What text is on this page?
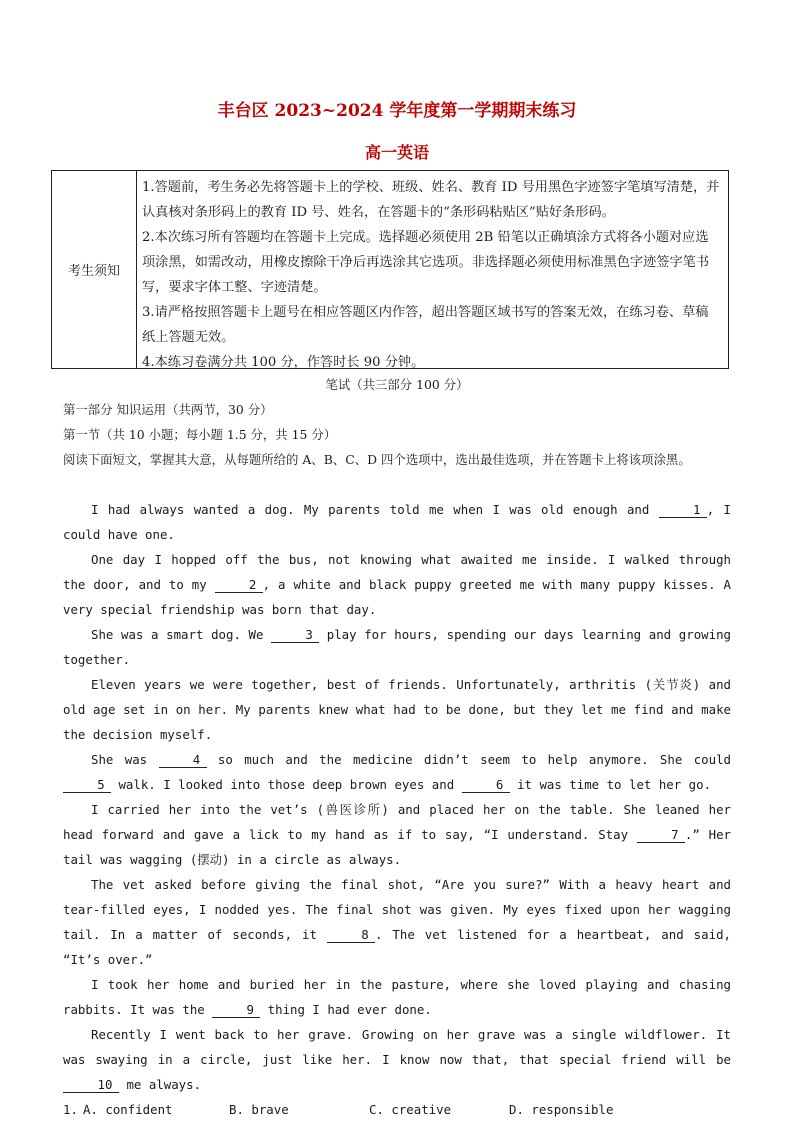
丰台区 2023~2024 学年度第一学期期末练习
高一英语
考生须知

1.答题前，考生务必先将答题卡上的学校、班级、姓名、教育 ID 号用黑色字迹签字笔填写清楚，并认真核对条形码上的教育 ID 号、姓名，在答题卡的“条形码粘贴区”贴好条形码。

2.本次练习所有答题均在答题卡上完成。选择题必须使用 2B 铅笔以正确填涂方式将各小题对应选项涂黑，如需改动，用橡皮擦除干净后再选涂其它选项。非选择题必须使用标准黑色字迹签字笔书写，要求字体工整、字迹清楚。

3.请严格按照答题卡上题号在相应答题区内作答，超出答题区域书写的答案无效，在练习卷、草稿纸上答题无效。

4.本练习卷满分共 100 分，作答时长 90 分钟。

笔试（共三部分 100 分）

第一部分 知识运用（共两节，30 分）

第一节（共 10 小题；每小题 1.5 分，共 15 分）

阅读下面短文，掌握其大意，从每题所给的 A、B、C、D 四个选项中，选出最佳选项，并在答题卡上将该项涂黑。

I had always wanted a dog. My parents told me when I was old enough and	1 , I could have one.

One day I hopped off the bus, not knowing what awaited me inside. I walked through the door, and to my	2 , a white and black puppy greeted me with many puppy kisses. A very special friendship was born that day.

She was a smart dog. We	3 play for hours, spending our days learning and growing together.

Eleven years we were together, best of friends. Unfortunately, arthritis (关节炎) and old age set in on her. My parents knew what had to be done, but they let me find and make the decision myself.

She was	4 so much and the medicine didn’t seem to help anymore. She could 5 walk. I looked into those deep brown eyes and	6 it was time to let her go.

I carried her into the vet’s (兽医诊所) and placed her on the table. She leaned her head forward and gave a lick to my hand as if to say, “I understand. Stay	7 .” Her tail was wagging (摆动) in a circle as always.

The vet asked before giving the final shot, “Are you sure?” With a heavy heart and tear-filled eyes, I nodded yes. The final shot was given. My eyes fixed upon her wagging tail. In a matter of seconds, it	8 . The vet listened for a heartbeat, and said, “It’s over.”

I took her home and buried her in the pasture, where she loved playing and chasing rabbits. It was the	9 thing I had ever done.

Recently I went back to her grave. Growing on her grave was a single wildflower. It was swaying in a circle, just like her. I know now that, that special friend will be 10 me always.

1. A. confident	B. brave	C. creative	D. responsible
